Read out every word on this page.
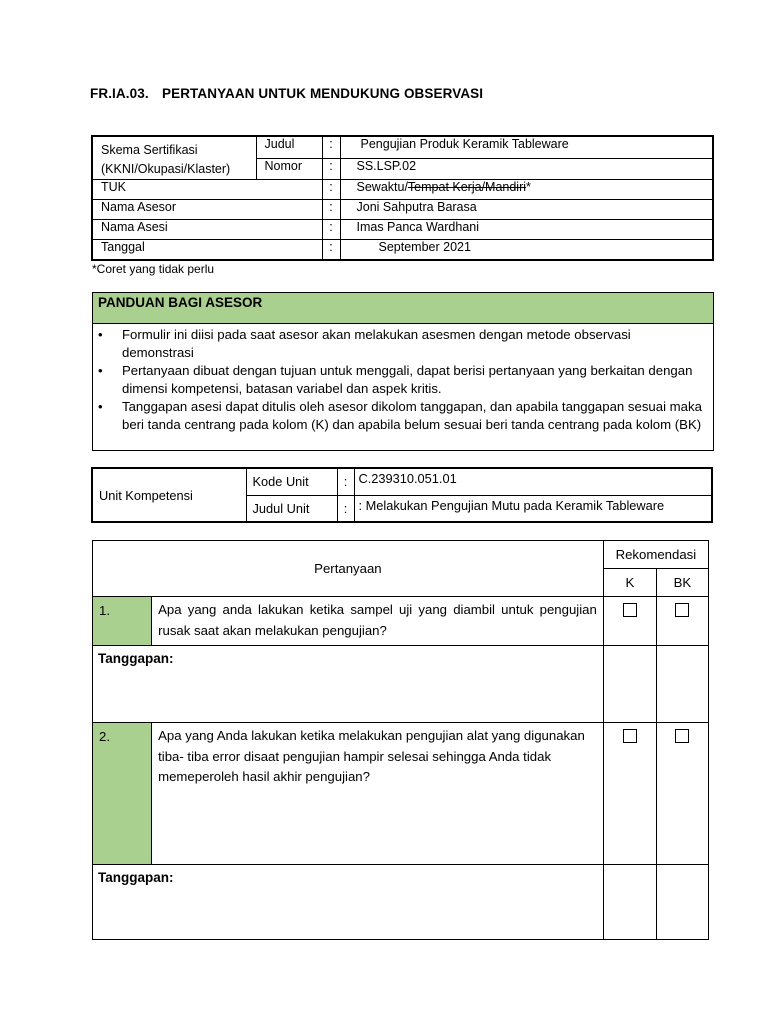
FR.IA.03. PERTANYAAN UNTUK MENDUKUNG OBSERVASI
Skema Sertifikasi
(KKNI/Okupasi/Klaster)	Judul	:	Pengujian Produk Keramik Tableware
	Nomor	:	SS.LSP.02
TUK		:	Sewaktu/Tempat Kerja/Mandiri*
Nama Asesor		:	Joni Sahputra Barasa
Nama Asesi		:	Imas Panca Wardhani
Tanggal		:	September 2021
*Coret yang tidak perlu
PANDUAN BAGI ASESOR
• Formulir ini diisi pada saat asesor akan melakukan asesmen dengan metode observasi demonstrasi
• Pertanyaan dibuat dengan tujuan untuk menggali, dapat berisi pertanyaan yang berkaitan dengan dimensi kompetensi, batasan variabel dan aspek kritis.
• Tanggapan asesi dapat ditulis oleh asesor dikolom tanggapan, dan apabila tanggapan sesuai maka beri tanda centrang pada kolom (K) dan apabila belum sesuai beri tanda centrang pada kolom (BK)
Unit Kompetensi	Kode Unit	:	C.239310.051.01
	Judul Unit	:	: Melakukan Pengujian Mutu pada Keramik Tableware
Pertanyaan		Rekomendasi	
		K	BK
1.	Apa yang anda lakukan ketika sampel uji yang diambil untuk pengujian rusak saat akan melakukan pengujian?		
Tanggapan:			
2.	Apa yang Anda lakukan ketika melakukan pengujian alat yang digunakan tiba- tiba error disaat pengujian hampir selesai sehingga Anda tidak memeperoleh hasil akhir pengujian?		
Tanggapan:			
